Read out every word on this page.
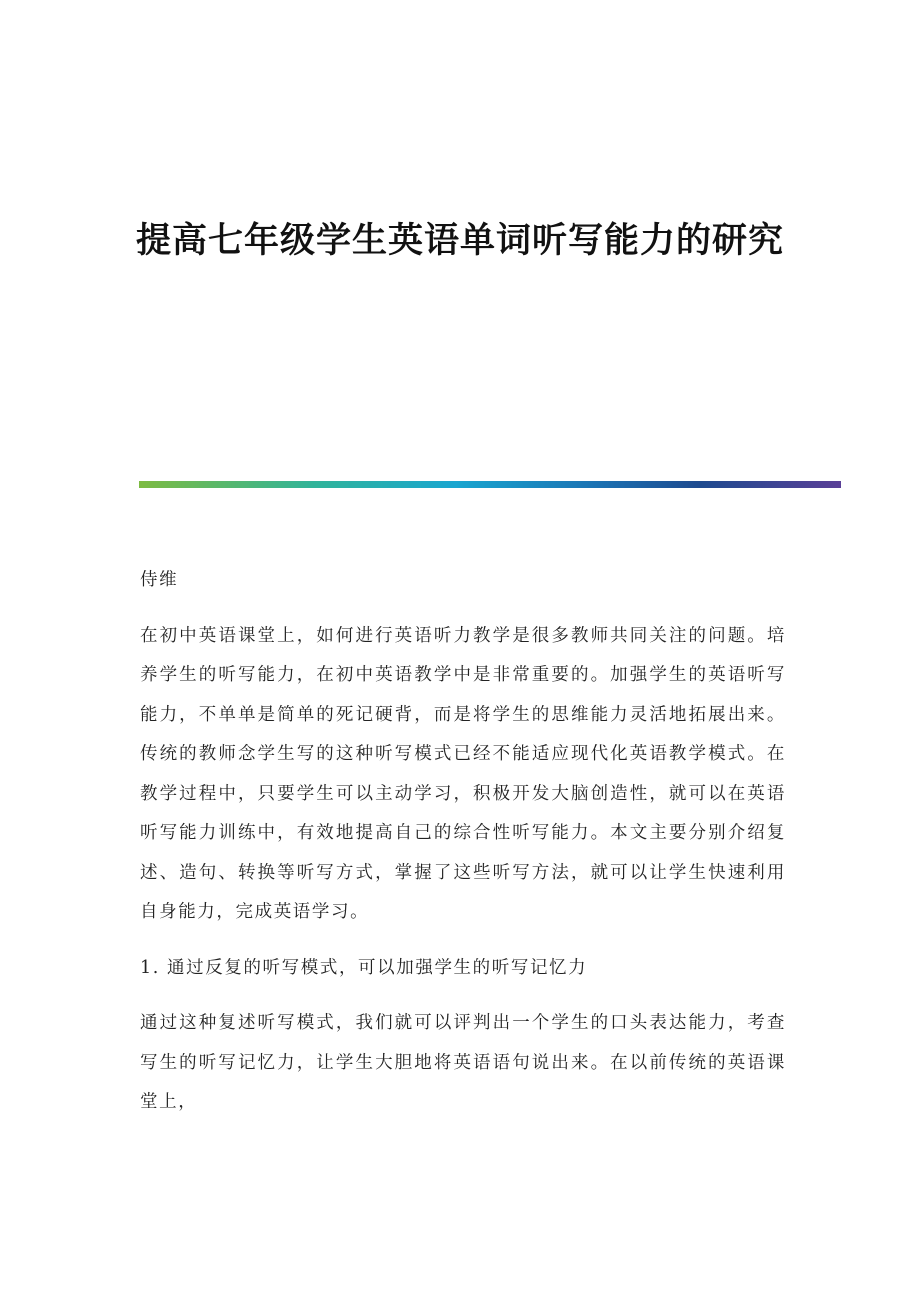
提高七年级学生英语单词听写能力的研究

侍维

在初中英语课堂上，如何进行英语听力教学是很多教师共同关注的问题。培养学生的听写能力，在初中英语教学中是非常重要的。加强学生的英语听写能力，不单单是简单的死记硬背，而是将学生的思维能力灵活地拓展出来。传统的教师念学生写的这种听写模式已经不能适应现代化英语教学模式。在教学过程中，只要学生可以主动学习，积极开发大脑创造性，就可以在英语听写能力训练中，有效地提高自己的综合性听写能力。本文主要分别介绍复述、造句、转换等听写方式，掌握了这些听写方法，就可以让学生快速利用自身能力，完成英语学习。

1. 通过反复的听写模式，可以加强学生的听写记忆力

通过这种复述听写模式，我们就可以评判出一个学生的口头表达能力，考查写生的听写记忆力，让学生大胆地将英语语句说出来。在以前传统的英语课堂上，
